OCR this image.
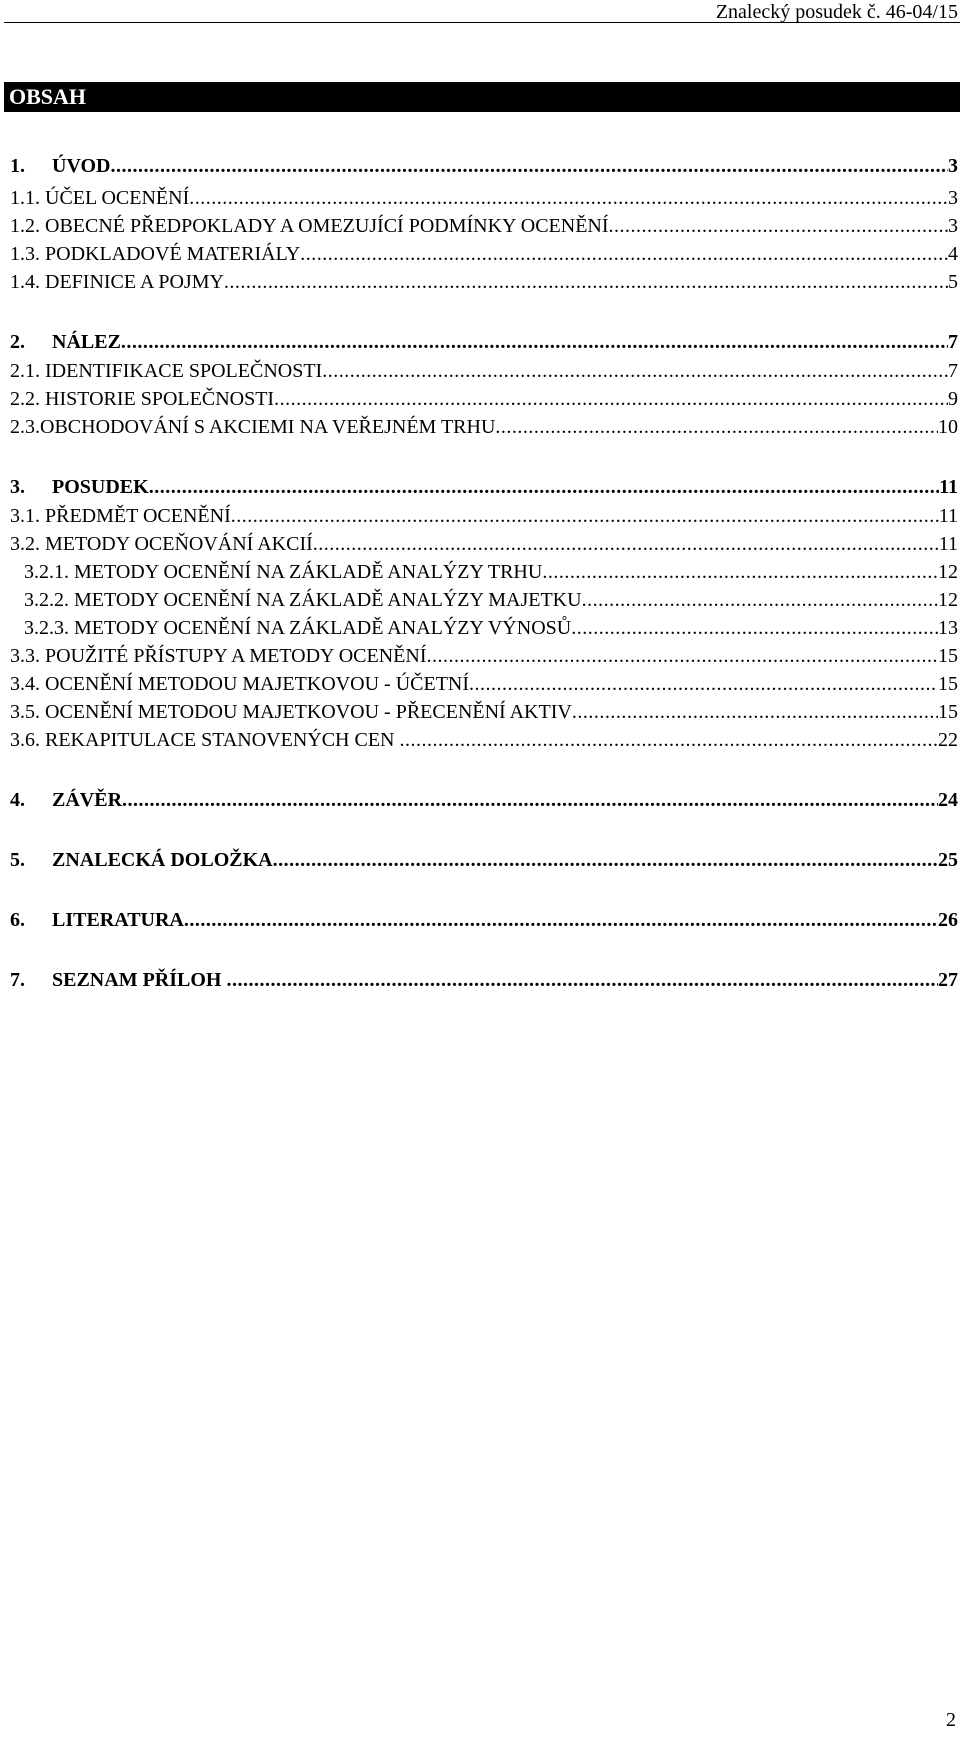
Znalecký posudek č. 46-04/15
OBSAH
1.	ÚVOD .....	3
1.1. ÚČEL OCENĚNÍ .....	3
1.2. OBECNÉ PŘEDPOKLADY A OMEZUJÍCÍ PODMÍNKY OCENĚNÍ .....	3
1.3. PODKLADOVÉ MATERIÁLY .....	4
1.4. DEFINICE A POJMY .....	5
2.	NÁLEZ .....	7
2.1. IDENTIFIKACE SPOLEČNOSTI .....	7
2.2. HISTORIE SPOLEČNOSTI .....	9
2.3.OBCHODOVÁNÍ S AKCIEMI NA VEŘEJNÉM TRHU .....	10
3.	POSUDEK .....	11
3.1. PŘEDMĚT OCENĚNÍ .....	11
3.2. METODY OCEŇOVÁNÍ AKCIÍ .....	11
3.2.1. METODY OCENĚNÍ NA ZÁKLADĚ ANALÝZY TRHU .....	12
3.2.2. METODY OCENĚNÍ NA ZÁKLADĚ ANALÝZY MAJETKU .....	12
3.2.3. METODY OCENĚNÍ NA ZÁKLADĚ ANALÝZY VÝNOSŮ .....	13
3.3. POUŽITÉ PŘÍSTUPY A METODY OCENĚNÍ .....	15
3.4. OCENĚNÍ METODOU MAJETKOVOU - ÚČETNÍ .....	15
3.5. OCENĚNÍ METODOU MAJETKOVOU - PŘECENĚNÍ AKTIV .....	15
3.6. REKAPITULACE STANOVENÝCH CEN .....	22
4.	ZÁVĚR .....	24
5.	ZNALECKÁ DOLOŽKA .....	25
6.	LITERATURA .....	26
7.	SEZNAM PŘÍLOH .....	27
2
